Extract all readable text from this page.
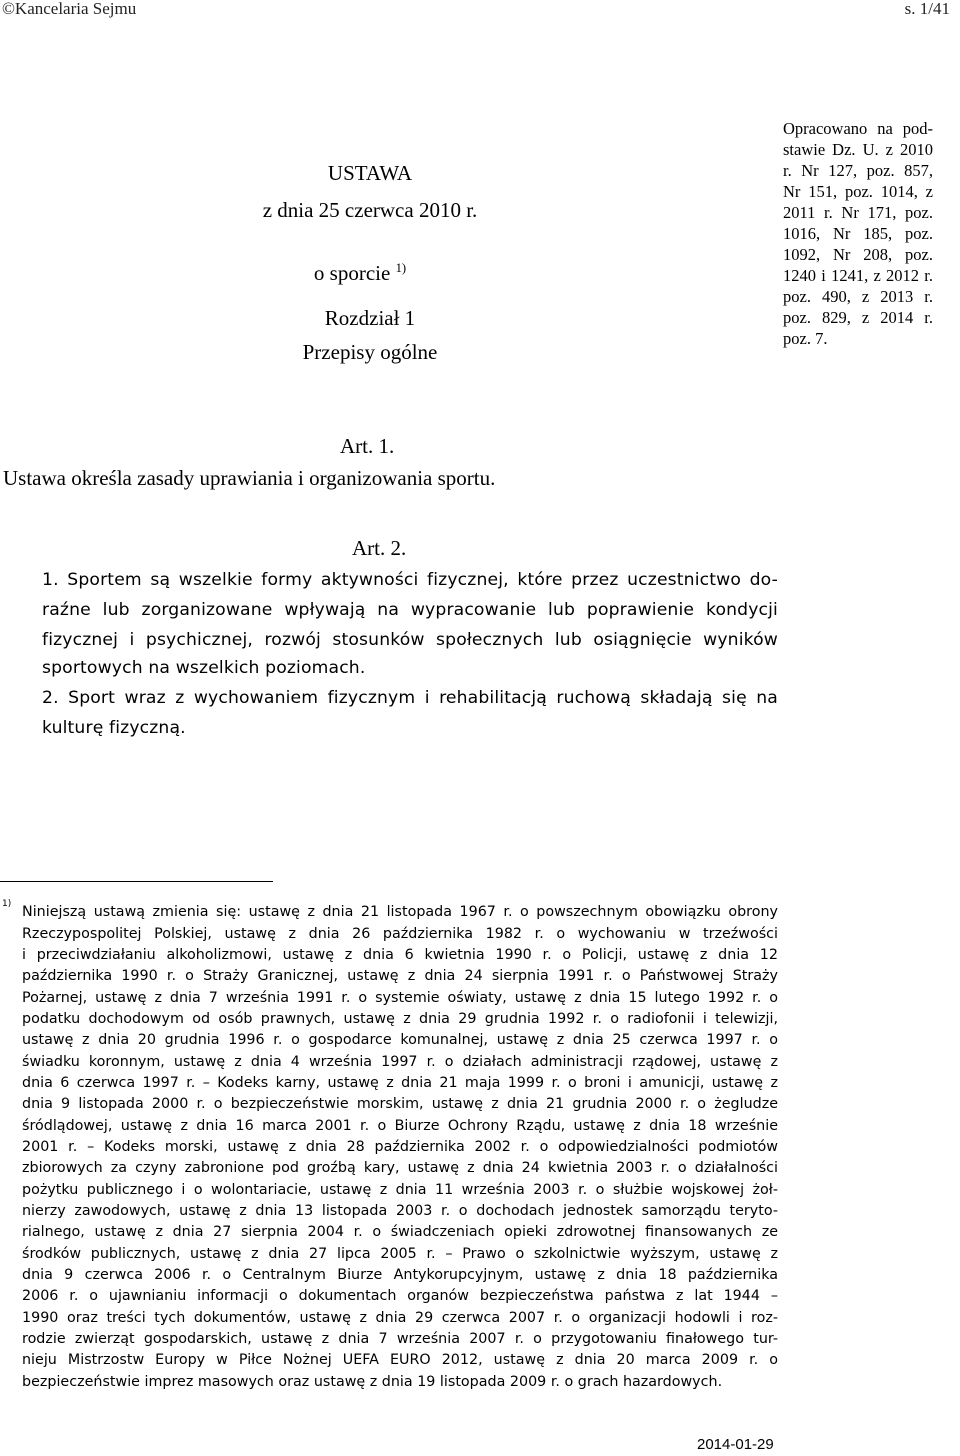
©Kancelaria Sejmu	s. 1/41
USTAWA
z dnia 25 czerwca 2010 r.
o sporcie $^{1)}$
Rozdział 1
Przepisy ogólne
Opracowano na pod-
stawie Dz. U. z 2010
r. Nr 127, poz. 857,
Nr 151, poz. 1014, z
2011 r. Nr 171, poz.
1016, Nr 185, poz.
1092, Nr 208, poz.
1240 i 1241, z 2012 r.
poz. 490, z 2013 r.
poz. 829, z 2014 r.
poz. 7.
Art. 1.
Ustawa określa zasady uprawiania i organizowania sportu.
Art. 2.
1. Sportem są wszelkie formy aktywności fizycznej, które przez uczestnictwo do-
raźne lub zorganizowane wpływają na wypracowanie lub poprawienie kondycji
fizycznej i psychicznej, rozwój stosunków społecznych lub osiągnięcie wyników
sportowych na wszelkich poziomach.
2. Sport wraz z wychowaniem fizycznym i rehabilitacją ruchową składają się na
kulturę fizyczną.
1) Niniejszą ustawą zmienia się: ustawę z dnia 21 listopada 1967 r. o powszechnym obowiązku obrony
Rzeczypospolitej Polskiej, ustawę z dnia 26 października 1982 r. o wychowaniu w trzeźwości
i przeciwdziałaniu alkoholizmowi, ustawę z dnia 6 kwietnia 1990 r. o Policji, ustawę z dnia 12
października 1990 r. o Straży Granicznej, ustawę z dnia 24 sierpnia 1991 r. o Państwowej Straży
Pożarnej, ustawę z dnia 7 września 1991 r. o systemie oświaty, ustawę z dnia 15 lutego 1992 r. o
podatku dochodowym od osób prawnych, ustawę z dnia 29 grudnia 1992 r. o radiofonii i telewizji,
ustawę z dnia 20 grudnia 1996 r. o gospodarce komunalnej, ustawę z dnia 25 czerwca 1997 r. o
świadku koronnym, ustawę z dnia 4 września 1997 r. o działach administracji rządowej, ustawę z
dnia 6 czerwca 1997 r. – Kodeks karny, ustawę z dnia 21 maja 1999 r. o broni i amunicji, ustawę z
dnia 9 listopada 2000 r. o bezpieczeństwie morskim, ustawę z dnia 21 grudnia 2000 r. o żegludze
śródlądowej, ustawę z dnia 16 marca 2001 r. o Biurze Ochrony Rządu, ustawę z dnia 18 wrześnie
2001 r. – Kodeks morski, ustawę z dnia 28 października 2002 r. o odpowiedzialności podmiotów
zbiorowych za czyny zabronione pod groźbą kary, ustawę z dnia 24 kwietnia 2003 r. o działalności
pożytku publicznego i o wolontariacie, ustawę z dnia 11 września 2003 r. o służbie wojskowej żoł-
nierzy zawodowych, ustawę z dnia 13 listopada 2003 r. o dochodach jednostek samorządu teryto-
rialnego, ustawę z dnia 27 sierpnia 2004 r. o świadczeniach opieki zdrowotnej finansowanych ze
środków publicznych, ustawę z dnia 27 lipca 2005 r. – Prawo o szkolnictwie wyższym, ustawę z
dnia 9 czerwca 2006 r. o Centralnym Biurze Antykorupcyjnym, ustawę z dnia 18 października
2006 r. o ujawnianiu informacji o dokumentach organów bezpieczeństwa państwa z lat 1944 –
1990 oraz treści tych dokumentów, ustawę z dnia 29 czerwca 2007 r. o organizacji hodowli i roz-
rodzie zwierząt gospodarskich, ustawę z dnia 7 września 2007 r. o przygotowaniu finałowego tur-
nieju Mistrzostw Europy w Piłce Nożnej UEFA EURO 2012, ustawę z dnia 20 marca 2009 r. o
bezpieczeństwie imprez masowych oraz ustawę z dnia 19 listopada 2009 r. o grach hazardowych.
2014-01-29
